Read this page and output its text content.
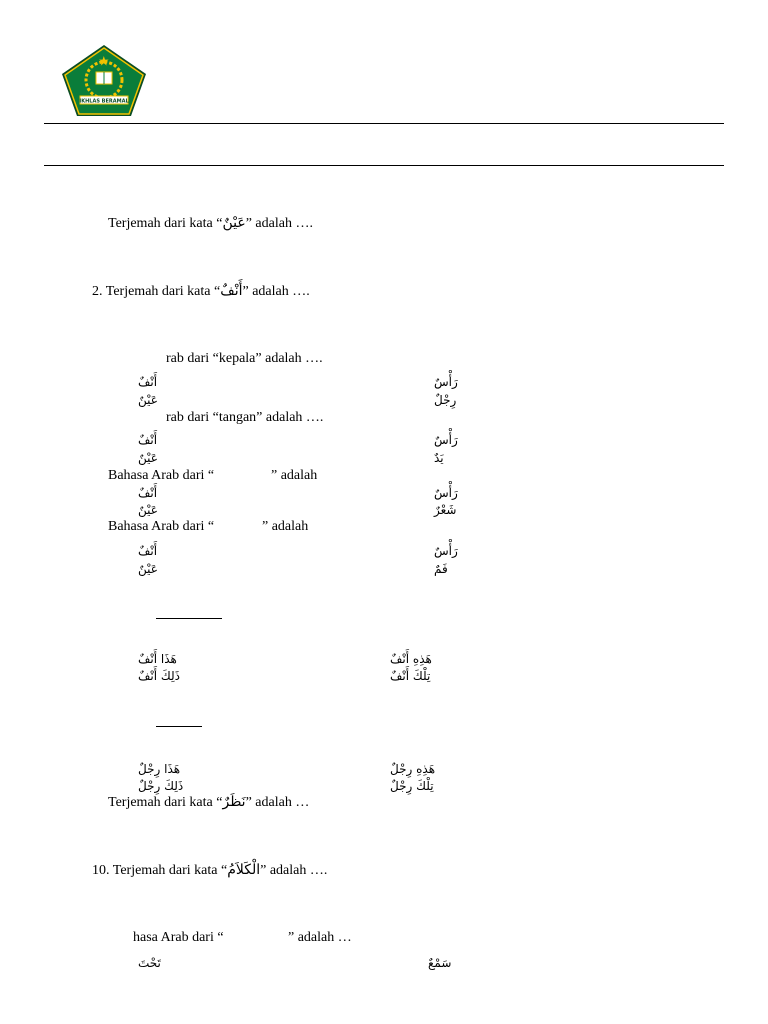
IKHLAS BERAMAL
Terjemah dari kata “عَيْنٌ” adalah ….
2. Terjemah dari kata “أَنْفٌ” adalah ….
rab dari “kepala” adalah ….
أَنْفٌ	رَأْسٌ
عَيْنٌ	رِجْلٌ
rab dari “tangan” adalah ….
أَنْفٌ	رَأْسٌ
عَيْنٌ	يَدٌ
Bahasa Arab dari “	” adalah
أَنْفٌ	رَأْسٌ
عَيْنٌ	شَعْرٌ
Bahasa Arab dari “	” adalah
أَنْفٌ	رَأْسٌ
عَيْنٌ	فَمٌ
هَذَا أَنْفٌ	هَذِهِ أَنْفٌ
ذَلِكَ أَنْفٌ	تِلْكَ أَنْفٌ
هَذَا رِجْلٌ	هَذِهِ رِجْلٌ
ذَلِكَ رِجْلٌ	تِلْكَ رِجْلٌ
Terjemah dari kata “نَظَرٌ” adalah …
10. Terjemah dari kata “الْكَلاَمُ” adalah ….
hasa Arab dari “	” adalah …
تَحْتَ	سَمْعٌ
